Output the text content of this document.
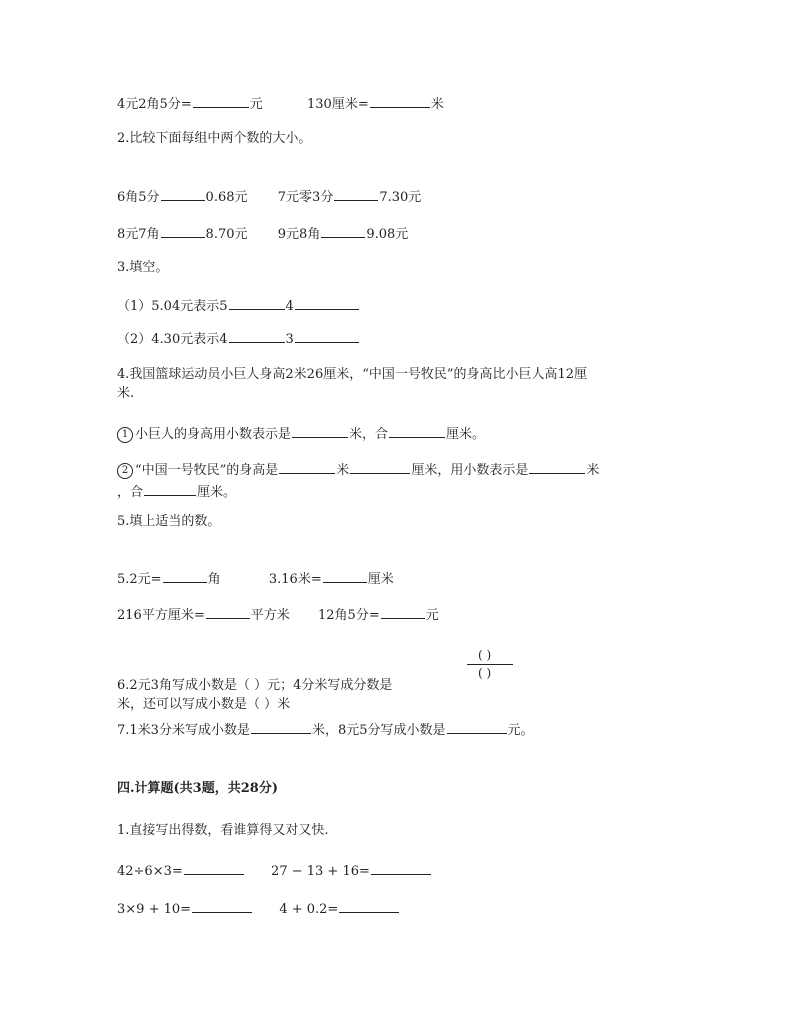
4元2角5分=	元	130厘米=	米
2.比较下面每组中两个数的大小。
6角5分	0.68元 7元零3分	7.30元
8元7角	8.70元 9元8角	9.08元
3.填空。
（1）5.04元表示5	4
（2）4.30元表示4	3
4.我国篮球运动员小巨人身高2米26厘米，“中国一号牧民”的身高比小巨人高12厘
米.
1 小巨人的身高用小数表示是	米，合	厘米。
2 “中国一号牧民”的身高是	米	厘米，用小数表示是	米
，合	厘米。
5.填上适当的数。
5.2元=	角	3.16米=	厘米
216平方厘米=	平方米 12角5分=	元
( )
( )
6.2元3角写成小数是（ ）元；4分米写成分数是
米，还可以写成小数是（ ）米
7.1米3分米写成小数是	米，8元5分写成小数是	元。
四.计算题(共3题，共28分)
1.直接写出得数，看谁算得又对又快.
42÷6×3=	27 − 13 + 16=
3×9 + 10=	4 + 0.2=
